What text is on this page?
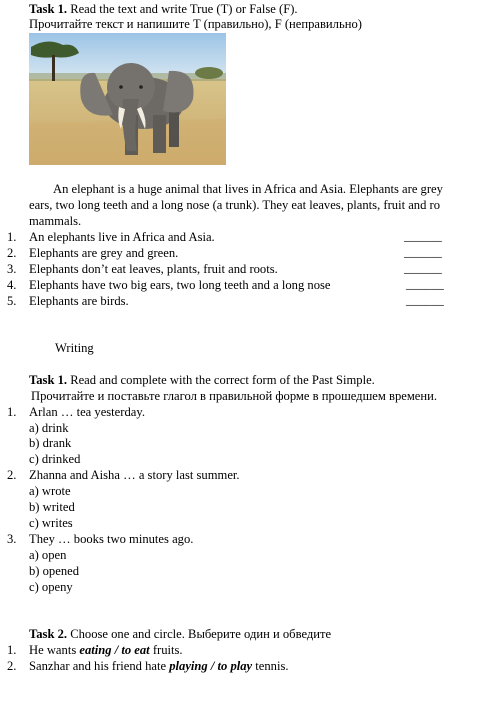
Task 1. Read the text and write True (T) or False (F).
Прочитайте текст и напишите T (правильно), F (неправильно)
An elephant is a huge animal that lives in Africa and Asia. Elephants are grey
ears, two long teeth and a long nose (a trunk). They eat leaves, plants, fruit and ro
mammals.
1. An elephants live in Africa and Asia.	______
2. Elephants are grey and green.	______
3. Elephants don’t eat leaves, plants, fruit and roots.	______
4. Elephants have two big ears, two long teeth and a long nose	______
5. Elephants are birds.	______
Writing
Task 1. Read and complete with the correct form of the Past Simple.
Прочитайте и поставьте глагол в правильной форме в прошедшем времени.
1. Arlan … tea yesterday.
a) drink
b) drank
c) drinked
2. Zhanna and Aisha … a story last summer.
a) wrote
b) writed
c) writes
3. They … books two minutes ago.
a) open
b) opened
c) openy
Task 2. Choose one and circle. Выберите один и обведите
1. He wants eating / to eat fruits.
2. Sanzhar and his friend hate playing / to play tennis.
